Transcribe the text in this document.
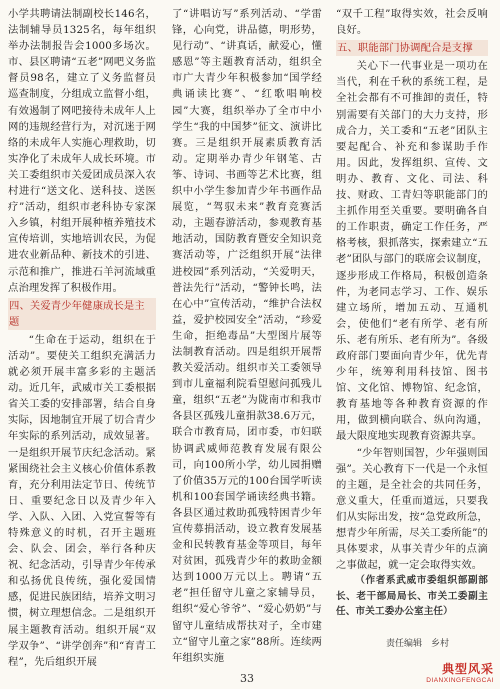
小学共聘请法制副校长146名，法制辅导员1325名，每年组织举办法制报告会1000多场次。市、县区聘请“五老”网吧义务监督员98名，建立了义务监督员巡查制度，分组成立监督小组，有效遏制了网吧接待未成年人上网的违规经营行为，对沉迷于网络的未成年人实施心理救助，切实净化了未成年人成长环境。市关工委组织市关爱团成员深入农村进行“送文化、送科技、送医疗”活动，组织市老科协专家深入乡镇，村组开展种植养殖技术宣传培训，实地培训农民，为促进农业新品种、新技术的引进、示范和推广，推进石羊河流域重点治理发挥了积极作用。

四、关爱青少年健康成长是主题

“生命在于运动，组织在于活动”。要使关工组织充满活力就必须开展丰富多彩的主题活动。近几年，武威市关工委根据省关工委的安排部署，结合自身实际，因地制宜开展了切合青少年实际的系列活动，成效显著。一是组织开展节庆纪念活动。紧紧围绕社会主义核心价值体系教育，充分利用法定节日、传统节日、重要纪念日以及青少年入学、入队、入团、入党宣誓等有特殊意义的时机，召开主题班会、队会、团会，举行各种庆祝、纪念活动，引导青少年传承和弘扬优良传统，强化爱国情感，促进民族团结，培养文明习惯，树立理想信念。二是组织开展主题教育活动。组织开展“双学双争”、“讲学创奔”和“育青工程”，先后组织开展

了“讲唱访写”系列活动、“学雷锋，心向党，讲品德，明形势，见行动”、“讲真话，献爱心，懂感恩”等主题教育活动，组织全市广大青少年积极参加“国学经典诵读比赛”、“红歌唱响校园”大赛，组织举办了全市中小学生“我的中国梦”征文、演讲比赛。三是组织开展素质教育活动。定期举办青少年钢笔、古筝、诗词、书画等艺术比赛，组织中小学生参加青少年书画作品展览，“驾驭未来”教育竞赛活动，主题春游活动，参观教育基地活动，国防教育暨安全知识竞赛活动等，广泛组织开展“法律进校园”系列活动，“关爱明天，普法先行”活动，“警钟长鸣，法在心中”宣传活动，“维护合法权益，爱护校园安全”活动，“珍爱生命，拒绝毒品”大型图片展等法制教育活动。四是组织开展帮教关爱活动。组织市关工委领导到市儿童福利院看望慰问孤残儿童，组织“五老”为陇南市和我市各县区孤残儿童捐款38.6万元，联合市教育局，团市委，市妇联协调武威师范教育发展有限公司，向100所小学，幼儿园捐赠了价值35万元的100台国学听读机和100套国学诵读经典书籍。各县区通过救助孤残特困青少年宣传募捐活动，设立教育发展基金和民转教育基金等项目，每年对贫困，孤残青少年的救助金额达到1000万元以上。聘请“五老”担任留守儿童之家辅导员，组织“爱心爷爷”、“爱心奶奶”与留守儿童结成帮扶对子，全市建立“留守儿童之家”88所。连续两年组织实施

“双千工程”取得实效，社会反响良好。

五、职能部门协调配合是支撑

关心下一代事业是一项功在当代，利在千秋的系统工程，是全社会都有不可推卸的责任，特别需要有关部门的大力支持，形成合力，关工委和“五老”团队主要起配合、补充和参谋助手作用。因此，发挥组织、宣传、文明办、教育、文化、司法、科技、财政、工青妇等职能部门的主抓作用至关重要。要明确各自的工作职责，确定工作任务，严格考核，狠抓落实，探索建立“五老”团队与部门的联席会议制度，逐步形成工作格局，积极创造条件，为老同志学习、工作、娱乐建立场所，增加五动、互通机会，使他们“老有所学、老有所乐、老有所乐、老有所为”。各级政府部门要面向青少年，优先青少年，统筹利用科技馆、图书馆、文化馆、博物馆、纪念馆，教育基地等各种教育资源的作用，做到横向联合、纵向沟通，最大限度地实现教育资源共享。

“少年智则国智，少年强则国强”。关心教育下一代是一个永恒的主题，是全社会的共同任务，意义重大，任重而道远，只要我们从实际出发，按“急党政所急，想青少年所需，尽关工委所能”的具体要求，从事关青少年的点滴之事做起，就一定会取得实效。

（作者系武威市委组织部副部长、老干部局局长、市关工委副主任、市关工委办公室主任）

责任编辑　乡村
33
典型风采
DIANXINGFENGCAI
